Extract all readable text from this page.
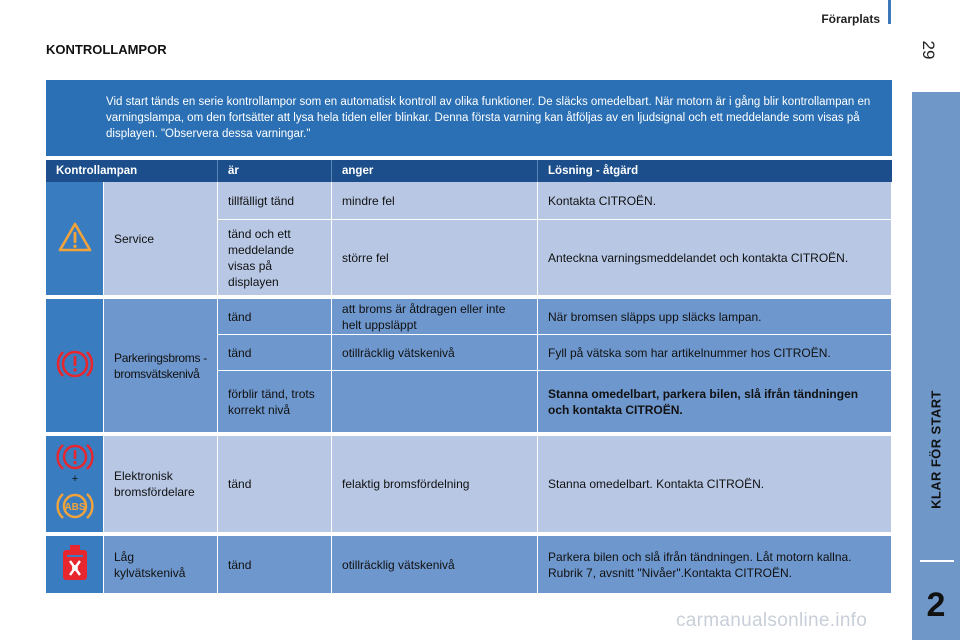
Förarplats
29
KLAR FÖR START
2
KONTROLLAMPOR
Vid start tänds en serie kontrollampor som en automatisk kontroll av olika funktioner. De släcks omedelbart. När motorn är i gång blir kontrollampan en varningslampa, om den fortsätter att lysa hela tiden eller blinkar. Denna första varning kan åtföljas av en ljudsignal och ett meddelande som visas på displayen. "Observera dessa varningar."
Kontrollampan		är	anger	Lösning - åtgärd
	Service	tillfälligt tänd	mindre fel	Kontakta CITROËN.
		tänd och ett meddelande visas på displayen	större fel	Anteckna varningsmeddelandet och kontakta CITROËN.

	Parkeringsbroms - bromsvätskenivå	tänd	att broms är åtdragen eller inte helt uppsläppt	När bromsen släpps upp släcks lampan.
		tänd	otillräcklig vätskenivå	Fyll på vätska som har artikelnummer hos CITROËN.
		förblir tänd, trots korrekt nivå		Stanna omedelbart, parkera bilen, slå ifrån tändningen och kontakta CITROËN.

+
ABS	Elektronisk bromsfördelare	tänd	felaktig bromsfördelning	Stanna omedelbart. Kontakta CITROËN.

	Låg kylvätskenivå	tänd	otillräcklig vätskenivå	Parkera bilen och slå ifrån tändningen. Låt motorn kallna. Rubrik 7, avsnitt "Nivåer".Kontakta CITROËN.
carmanualsonline.info
